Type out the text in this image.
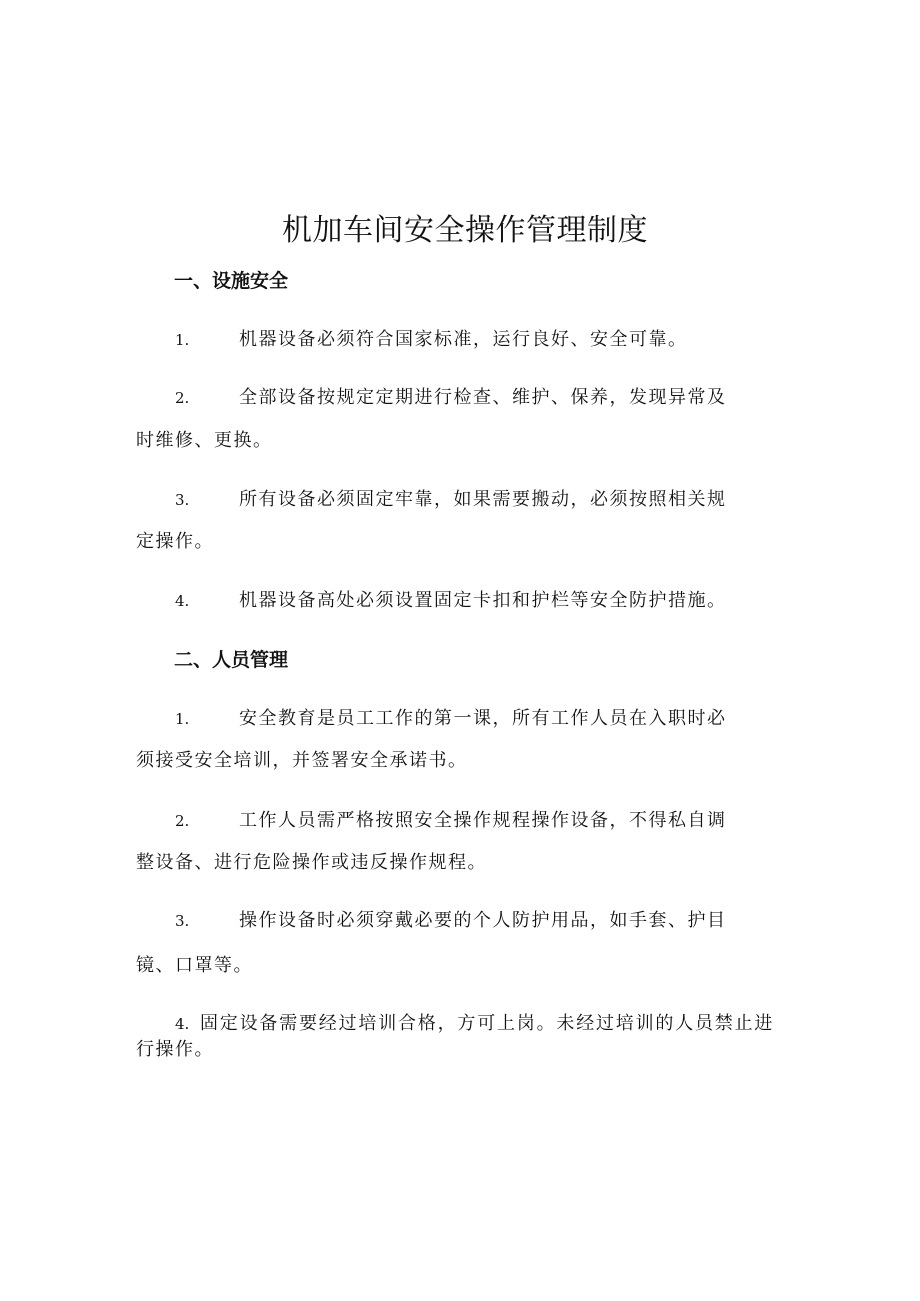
机加车间安全操作管理制度
一、设施安全
1.	机器设备必须符合国家标准，运行良好、安全可靠。
2.	全部设备按规定定期进行检查、维护、保养，发现异常及
时维修、更换。
3.	所有设备必须固定牢靠，如果需要搬动，必须按照相关规
定操作。
4.	机器设备高处必须设置固定卡扣和护栏等安全防护措施。
二、人员管理
1.	安全教育是员工工作的第一课，所有工作人员在入职时必
须接受安全培训，并签署安全承诺书。
2.	工作人员需严格按照安全操作规程操作设备，不得私自调
整设备、进行危险操作或违反操作规程。
3.	操作设备时必须穿戴必要的个人防护用品，如手套、护目
镜、口罩等。
4. 固定设备需要经过培训合格，方可上岗。未经过培训的人员禁止进
行操作。
